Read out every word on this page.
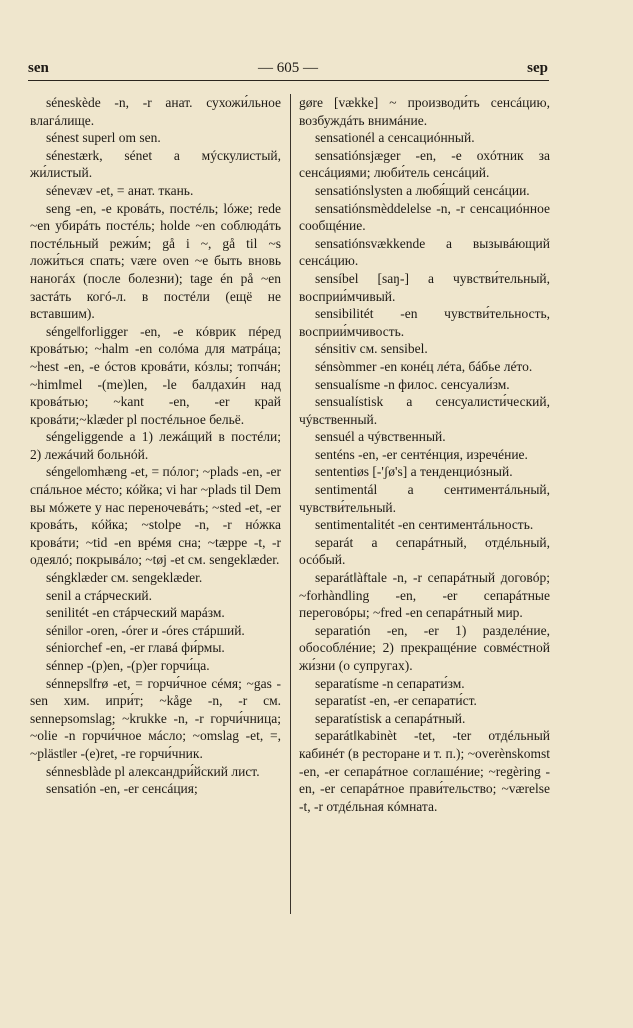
— 605 —
sen	sep

séneskède -n, -r анат. сухожи́льное влагáлище.

sénest superl om sen.

sénestærk, sénet a мýскулистый, жи́листый.

sénevæv -et, = анат. ткань.

seng -en, -e кровáть, постéль; lóже; rede ~en убирáть постéль; holde ~en соблюдáть постéльный режи́м; gå i ~, gå til ~s ложи́ться спать; være oven ~e быть вновь наногáх (после болезни); tage én på ~en застáть когó-л. в постéли (ещё не вставшим).

séngeǁforligger -en, -e кóврик пéред кровáтью; ~halm -en солóма для матрáца; ~hest -en, -e óстов кровáти, кóзлы; топчáн; ~himǁmel -(me)len, -le балдахи́н над кровáтью; ~kant -en, -er край кровáти;~klæder pl постéльное бельё.

séngeliggende a 1) лежáщий в постéли; 2) лежáчий больнóй.

séngeǁomhæng -et, = пóлог; ~plads -en, -er спáльное мéсто; кóйка; vi har ~plads til Dem вы мóжете у нас переночевáть; ~sted -et, -er кровáть, кóйка; ~stolpe -n, -r нóжка кровáти; ~tid -en врéмя сна; ~tæppe -t, -r одеялó; покрывáло; ~tøj -et см. sengeklæder.

séngklæder см. sengeklæder.

senil a стáрческий.

senilitét -en стáрческий марáзм.

séniǁor -oren, -órer и -óres стáрший.

séniorchef -en, -er главá фи́рмы.

sénnep -(p)en, -(p)er горчи́ца.

sénnepsǁfrø -et, = горчи́чное сéмя; ~gas -sen хим. ипри́т; ~kåge -n, -r см. sennepsomslag; ~krukke -n, -r горчи́чница; ~olie -n горчи́чное мáсло; ~omslag -et, =, ~plästǁer -(e)ret, -re горчи́чник.

sénnesblàde pl александри́йский лист.

sensatión -en, -er сенсáция;

gøre [vække] ~ производи́ть сенсáцию, возбуждáть внимáние.

sensationél a сенсациóнный.

sensatiónsjæger -en, -e охóтник за сенсáциями; люби́тель сенсáций.

sensatiónslysten a любя́щий сенсáции.

sensatiónsmèddelelse -n, -r сенсациóнное сообщéние.

sensatiónsvækkende a вызывáющий сенсáцию.

sensíbel [saŋ-] a чувстви́тельный, восприи́мчивый.

sensibilitét -en чувстви́тельность, восприи́мчивость.

sénsitiv см. sensibel.

sénsòmmer -en конéц лéта, бáбье лéто.

sensualísme -n филос. сенсуали́зм.

sensualístisk a сенсуалисти́ческий, чýвственный.

sensuél a чýвственный.

senténs -en, -er сентéнция, изречéние.

sententiøs [-'ʃø's] a тенденциóзный.

sentimentál a сентиментáльный, чувстви́тельный.

sentimentalitét -en сентиментáльность.

separát a сепарáтный, отдéльный, осóбый.

separátǁàftale -n, -r сепарáтный договóр; ~forhàndling -en, -er сепарáтные переговóры; ~fred -en сепарáтный мир.

separatión -en, -er 1) разделéние, обособлéние; 2) прекращéние совмéстной жи́зни (о супругах).

separatísme -n сепарати́зм.

separatíst -en, -er сепарати́ст.

separatístisk a сепарáтный.

separátǁkabinèt -tet, -ter отдéльный кабинéт (в ресторане и т. п.); ~overènskomst -en, -er сепарáтное соглашéние; ~regèring -en, -er сепарáтное прави́тельство; ~værelse -t, -r отдéльная кóмната.
